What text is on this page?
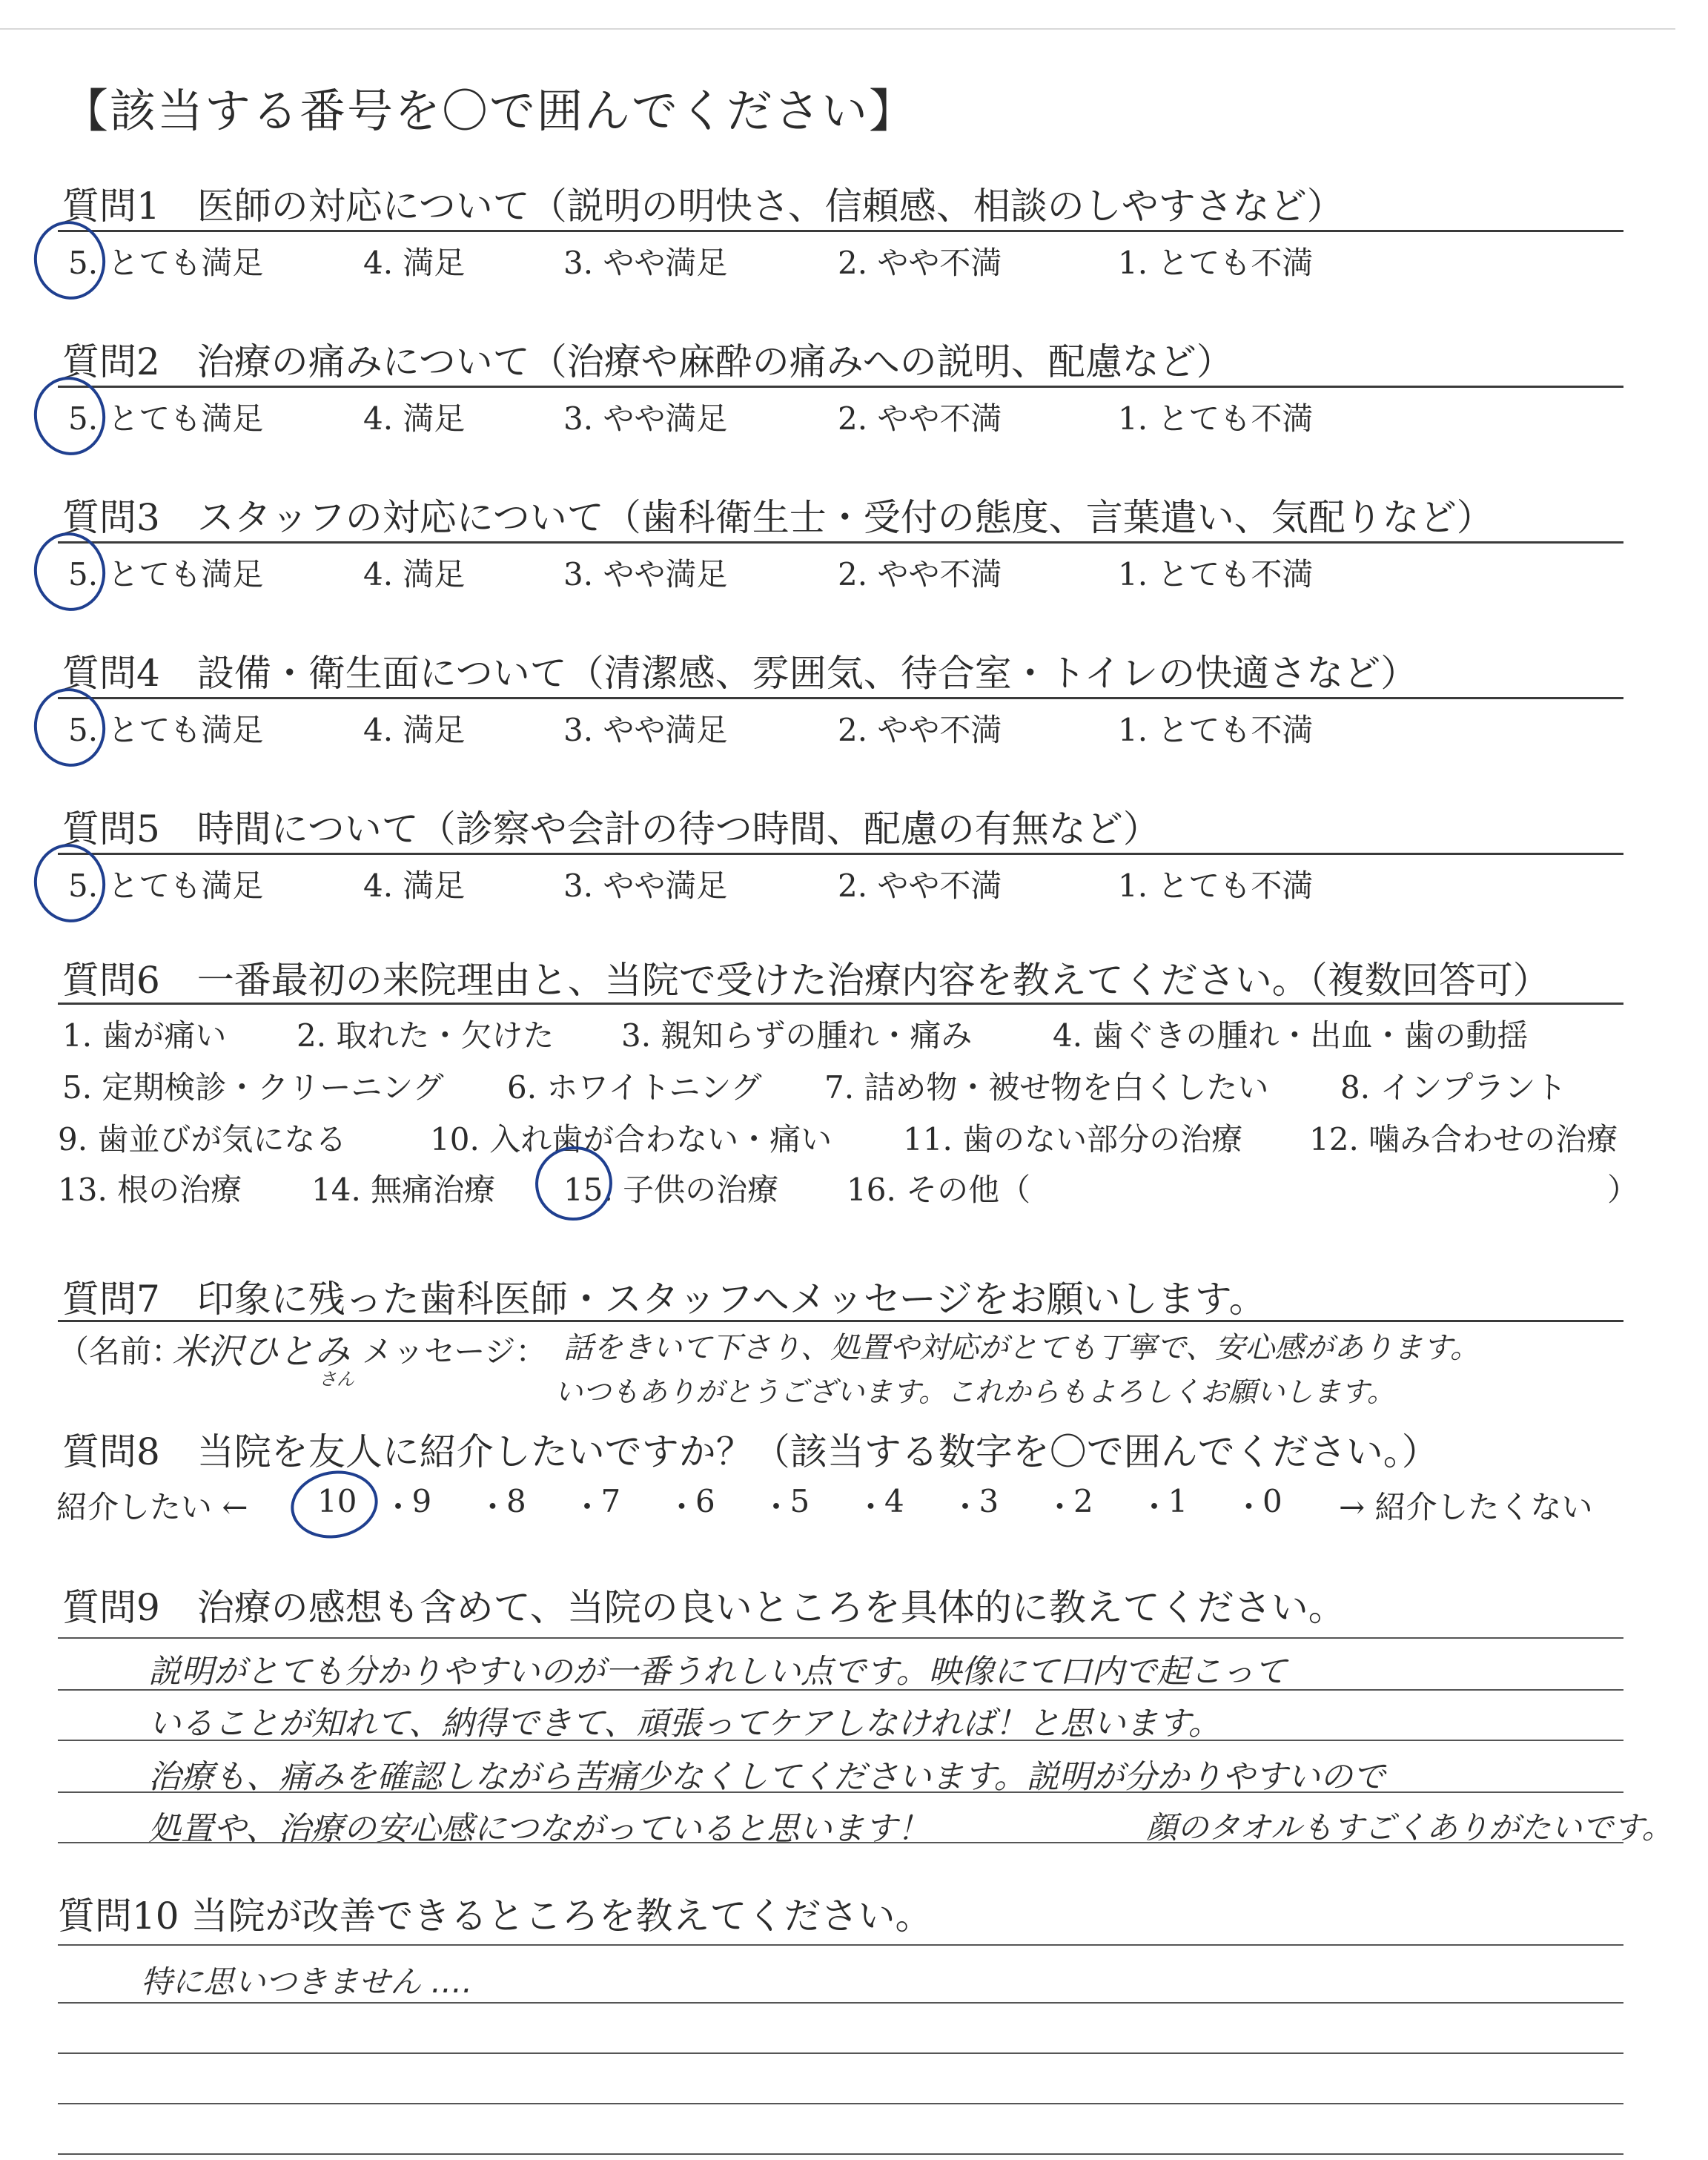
【該当する番号を〇で囲んでください】
質問1　医師の対応について（説明の明快さ、信頼感、相談のしやすさなど）
5. とても満足	4. 満足	3. やや満足	2. やや不満	1. とても不満
質問2　治療の痛みについて（治療や麻酔の痛みへの説明、配慮など）
5. とても満足	4. 満足	3. やや満足	2. やや不満	1. とても不満
質問3　スタッフの対応について（歯科衛生士・受付の態度、言葉遣い、気配りなど）
5. とても満足	4. 満足	3. やや満足	2. やや不満	1. とても不満
質問4　設備・衛生面について（清潔感、雰囲気、待合室・トイレの快適さなど）
5. とても満足	4. 満足	3. やや満足	2. やや不満	1. とても不満
質問5　時間について（診察や会計の待つ時間、配慮の有無など）
5. とても満足	4. 満足	3. やや満足	2. やや不満	1. とても不満
質問6　一番最初の来院理由と、当院で受けた治療内容を教えてください。（複数回答可）
1. 歯が痛い 2. 取れた・欠けた 3. 親知らずの腫れ・痛み	4. 歯ぐきの腫れ・出血・歯の動揺
5. 定期検診・クリーニング 6. ホワイトニング 7. 詰め物・被せ物を白くしたい 8. インプラント
9. 歯並びが気になる	10. 入れ歯が合わない・痛い 11. 歯のない部分の治療 12. 噛み合わせの治療
13. 根の治療 14. 無痛治療 15. 子供の治療 16. その他（	）
質問7　印象に残った歯科医師・スタッフへメッセージをお願いします。
（名前：
米沢ひとみ
さん
メッセージ： 話をきいて下さり、処置や対応がとても丁寧で、安心感があります。
いつもありがとうございます。これからもよろしくお願いします。
質問8　当院を友人に紹介したいですか？（該当する数字を〇で囲んでください。）
紹介したい ← 10 ・
9 ・
8 ・
7 ・
6 ・
5 ・
4 ・
3 ・
2 ・
1 ・
0 → 紹介したくない
質問9　治療の感想も含めて、当院の良いところを具体的に教えてください。
説明がとても分かりやすいのが一番うれしい点です。映像にて口内で起こって
いることが知れて、納得できて、頑張ってケアしなければ！と思います。
治療も、痛みを確認しながら苦痛少なくしてくださいます。説明が分かりやすいので
処置や、治療の安心感につながっていると思います！	顔のタオルもすごくありがたいです。
質問10 当院が改善できるところを教えてください。
特に思いつきません ‥‥
